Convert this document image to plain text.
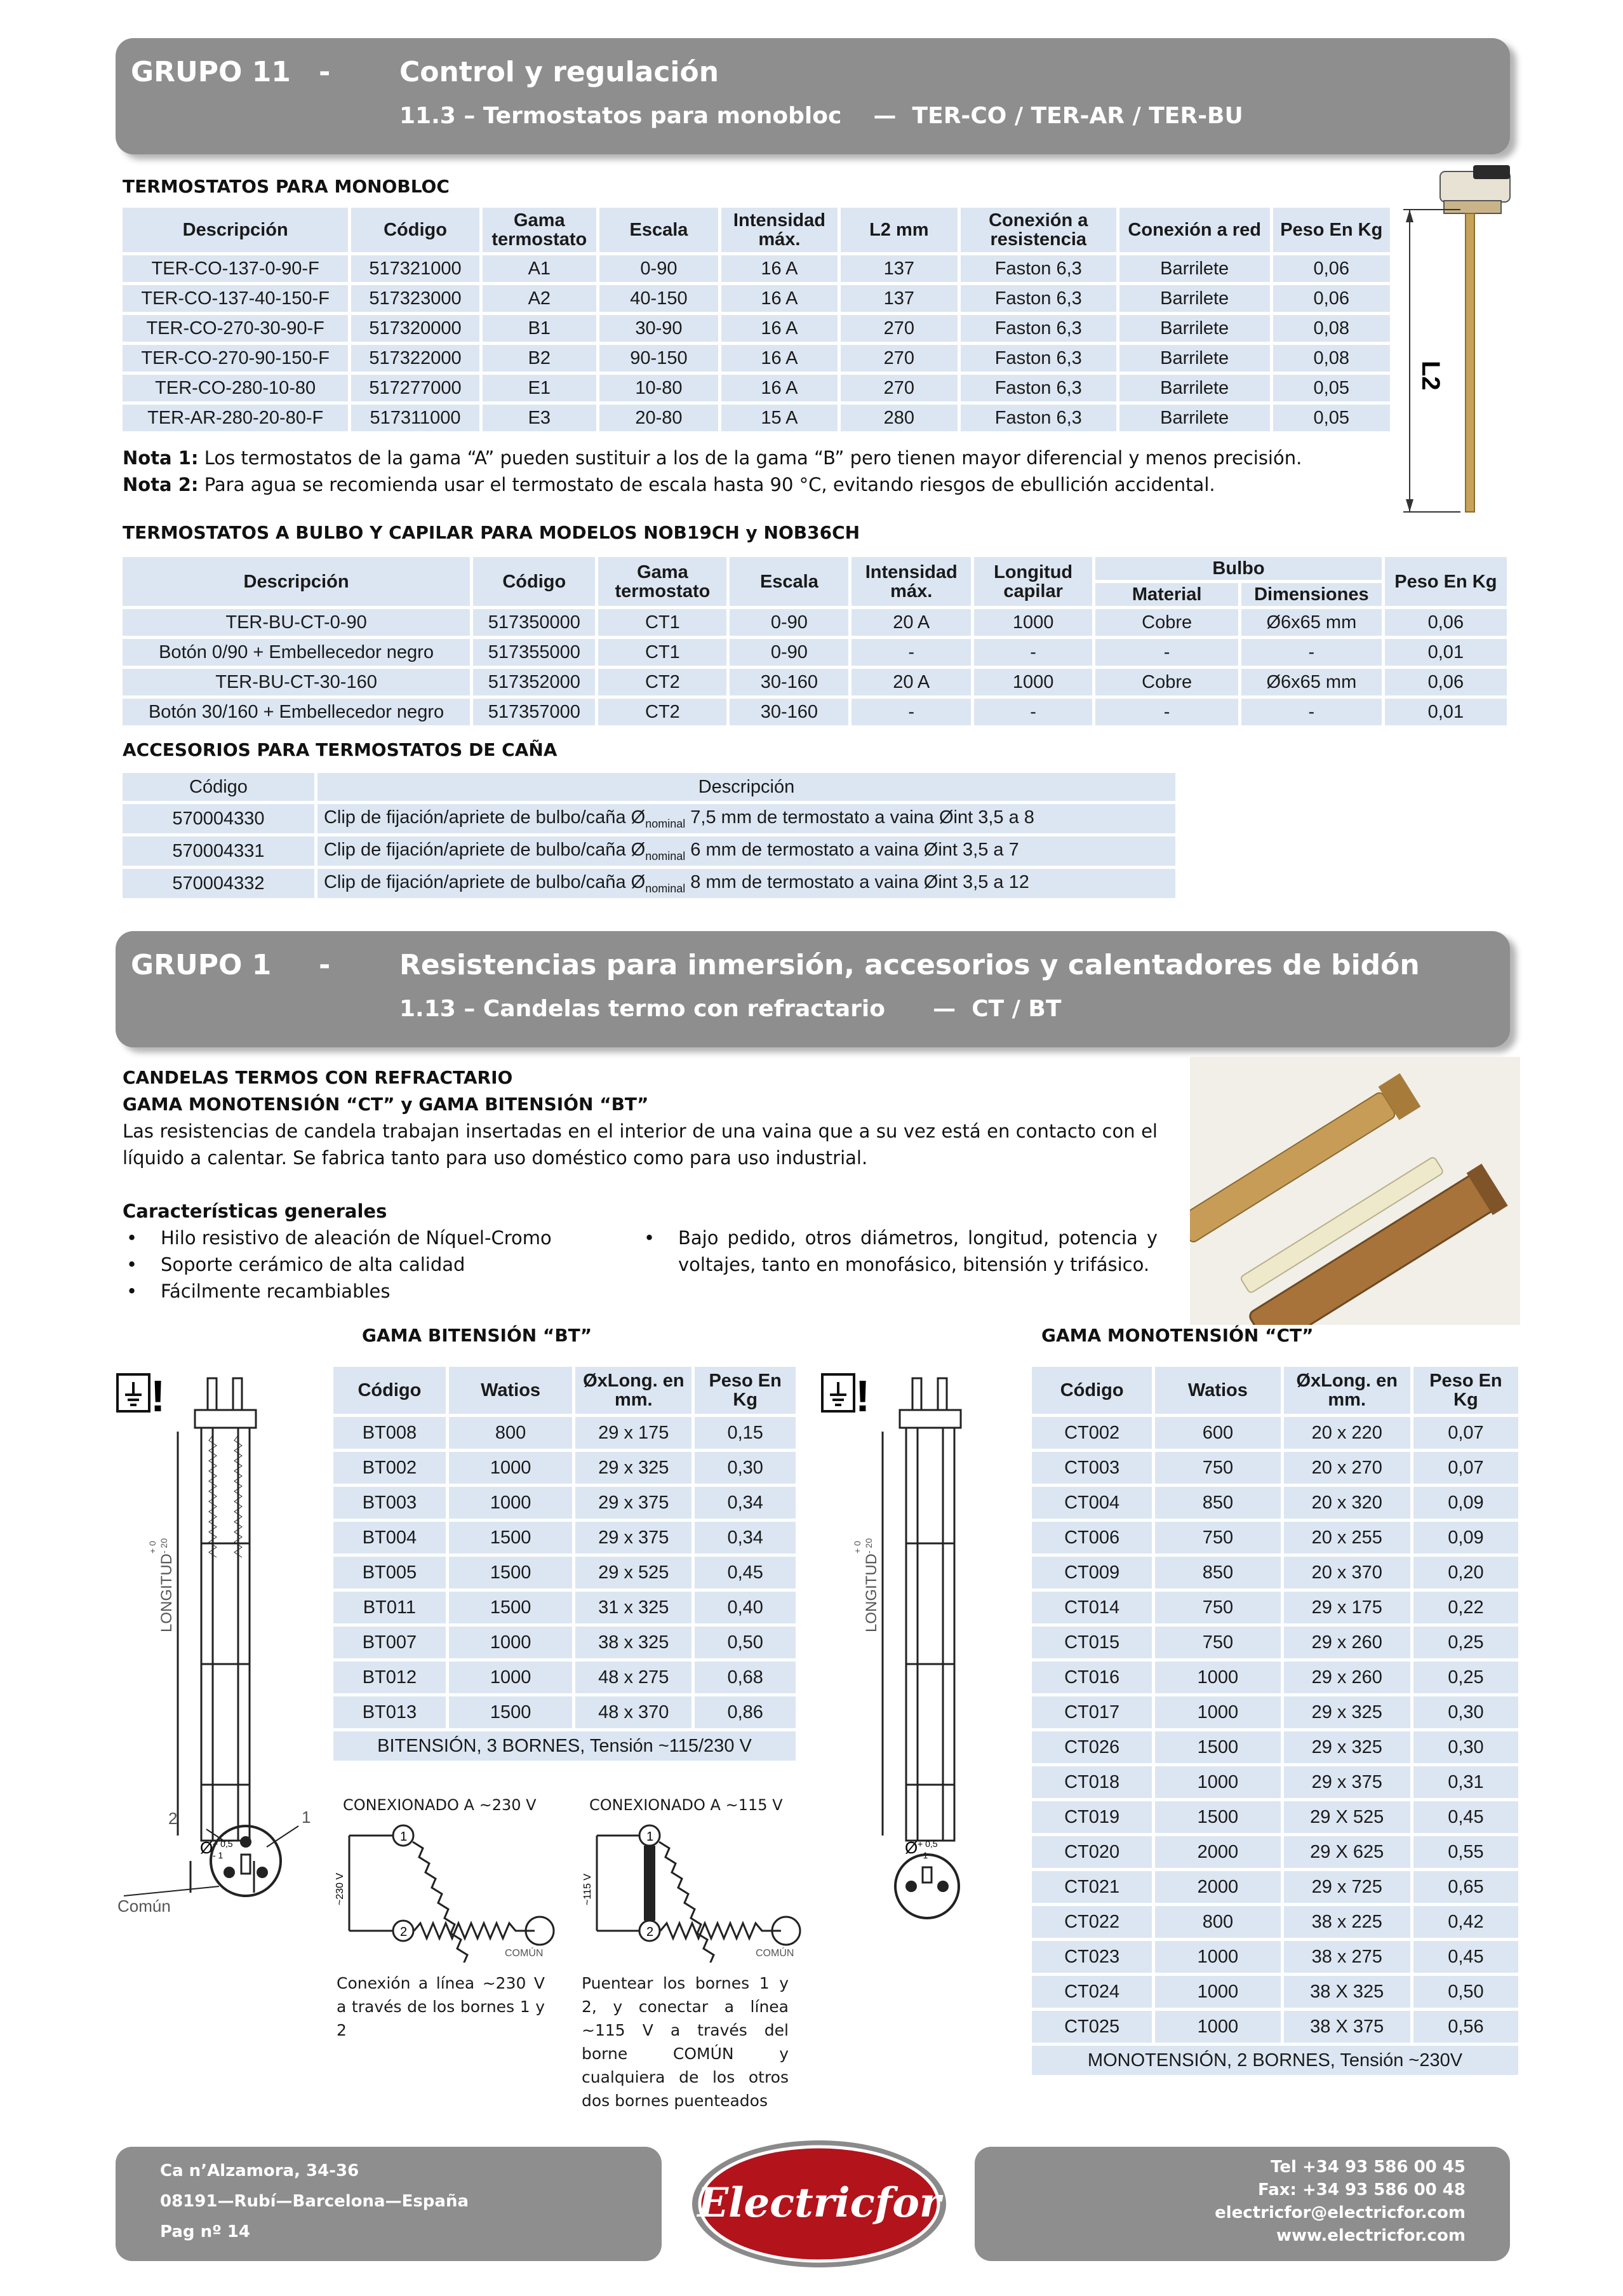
GRUPO 11 - Control y regulación
11.3 – Termostatos para monobloc    —  TER-CO / TER-AR / TER-BU
TERMOSTATOS PARA MONOBLOC
Descripción	Código	Gama termostato	Escala	Intensidad máx.	L2 mm	Conexión a resistencia	Conexión a red	Peso En Kg
TER-CO-137-0-90-F	517321000	A1	0-90	16 A	137	Faston 6,3	Barrilete	0,06
TER-CO-137-40-150-F	517323000	A2	40-150	16 A	137	Faston 6,3	Barrilete	0,06
TER-CO-270-30-90-F	517320000	B1	30-90	16 A	270	Faston 6,3	Barrilete	0,08
TER-CO-270-90-150-F	517322000	B2	90-150	16 A	270	Faston 6,3	Barrilete	0,08
TER-CO-280-10-80	517277000	E1	10-80	16 A	270	Faston 6,3	Barrilete	0,05
TER-AR-280-20-80-F	517311000	E3	20-80	15 A	280	Faston 6,3	Barrilete	0,05
Nota 1: Los termostatos de la gama “A” pueden sustituir a los de la gama “B” pero tienen mayor diferencial y menos precisión.
Nota 2: Para agua se recomienda usar el termostato de escala hasta 90 °C, evitando riesgos de ebullición accidental.
L2
TERMOSTATOS A BULBO Y CAPILAR PARA MODELOS NOB19CH y NOB36CH
Descripción	Código	Gama termostato	Escala	Intensidad máx.	Longitud capilar	Bulbo		Peso En Kg
						Material	Dimensiones	
TER-BU-CT-0-90	517350000	CT1	0-90	20 A	1000	Cobre	Ø6x65 mm	0,06
Botón 0/90 + Embellecedor negro	517355000	CT1	0-90	-	-	-	-	0,01
TER-BU-CT-30-160	517352000	CT2	30-160	20 A	1000	Cobre	Ø6x65 mm	0,06
Botón 30/160 + Embellecedor negro	517357000	CT2	30-160	-	-	-	-	0,01
ACCESORIOS PARA TERMOSTATOS DE CAÑA
Código	Descripción
570004330	Clip de fijación/apriete de bulbo/caña $Ø_{nominal}$ 7,5 mm de termostato a vaina Øint 3,5 a 8
570004331	Clip de fijación/apriete de bulbo/caña $Ø_{nominal}$ 6 mm de termostato a vaina Øint 3,5 a 7
570004332	Clip de fijación/apriete de bulbo/caña $Ø_{nominal}$ 8 mm de termostato a vaina Øint 3,5 a 12
GRUPO 1 - Resistencias para inmersión, accesorios y calentadores de bidón
1.13 – Candelas termo con refractario      —  CT / BT
CANDELAS TERMOS CON REFRACTARIO
GAMA MONOTENSIÓN “CT” y GAMA BITENSIÓN “BT”
Las resistencias de candela trabajan insertadas en el interior de una vaina que a su vez está en contacto con el líquido a calentar. Se fabrica tanto para uso doméstico como para uso industrial.
Características generales
• Hilo resistivo de aleación de Níquel-Cromo
• Soporte cerámico de alta calidad
• Fácilmente recambiables
• Bajo pedido, otros diámetros, longitud, potencia y voltajes, tanto en monofásico, bitensión y trifásico.
GAMA BITENSIÓN “BT”
Código	Watios	ØxLong. en mm.	Peso En Kg
BT008	800	29 x 175	0,15
BT002	1000	29 x 325	0,30
BT003	1000	29 x 375	0,34
BT004	1500	29 x 375	0,34
BT005	1500	29 x 525	0,45
BT011	1500	31 x 325	0,40
BT007	1000	38 x 325	0,50
BT012	1000	48 x 275	0,68
BT013	1500	48 x 370	0,86
BITENSIÓN, 3 BORNES, Tensión ~115/230 V			
GAMA MONOTENSIÓN “CT”
Código	Watios	ØxLong. en mm.	Peso En Kg
CT002	600	20 x 220	0,07
CT003	750	20 x 270	0,07
CT004	850	20 x 320	0,09
CT006	750	20 x 255	0,09
CT009	850	20 x 370	0,20
CT014	750	29 x 175	0,22
CT015	750	29 x 260	0,25
CT016	1000	29 x 260	0,25
CT017	1000	29 x 325	0,30
CT026	1500	29 x 325	0,30
CT018	1000	29 x 375	0,31
CT019	1500	29 X 525	0,45
CT020	2000	29 X 625	0,55
CT021	2000	29 x 725	0,65
CT022	800	38 x 225	0,42
CT023	1000	38 x 275	0,45
CT024	1000	38 X 325	0,50
CT025	1000	38 X 375	0,56
MONOTENSIÓN, 2 BORNES, Tensión ~230V			
!
Ø + 0,5
- 1
LONGITUD
+ 0 - 20
2	1
Común
!
Ø + 0,5
- 1
LONGITUD
+ 0 - 20
CONEXIONADO A ~230 V	CONEXIONADO A ~115 V
1
2
1
2
~230 V	~115 V
COMÚN	COMÚN
Conexión a línea ~230 V a través de los bornes 1 y 2
Puentear los bornes 1 y 2, y conectar a línea ~115 V a través del borne COMÚN y cualquiera de los otros dos bornes puenteados
Ca n’Alzamora, 34-36
08191—Rubí—Barcelona—España
Pag nº 14
Electricfor
Tel +34 93 586 00 45
Fax: +34 93 586 00 48
electricfor@electricfor.com
www.electricfor.com
